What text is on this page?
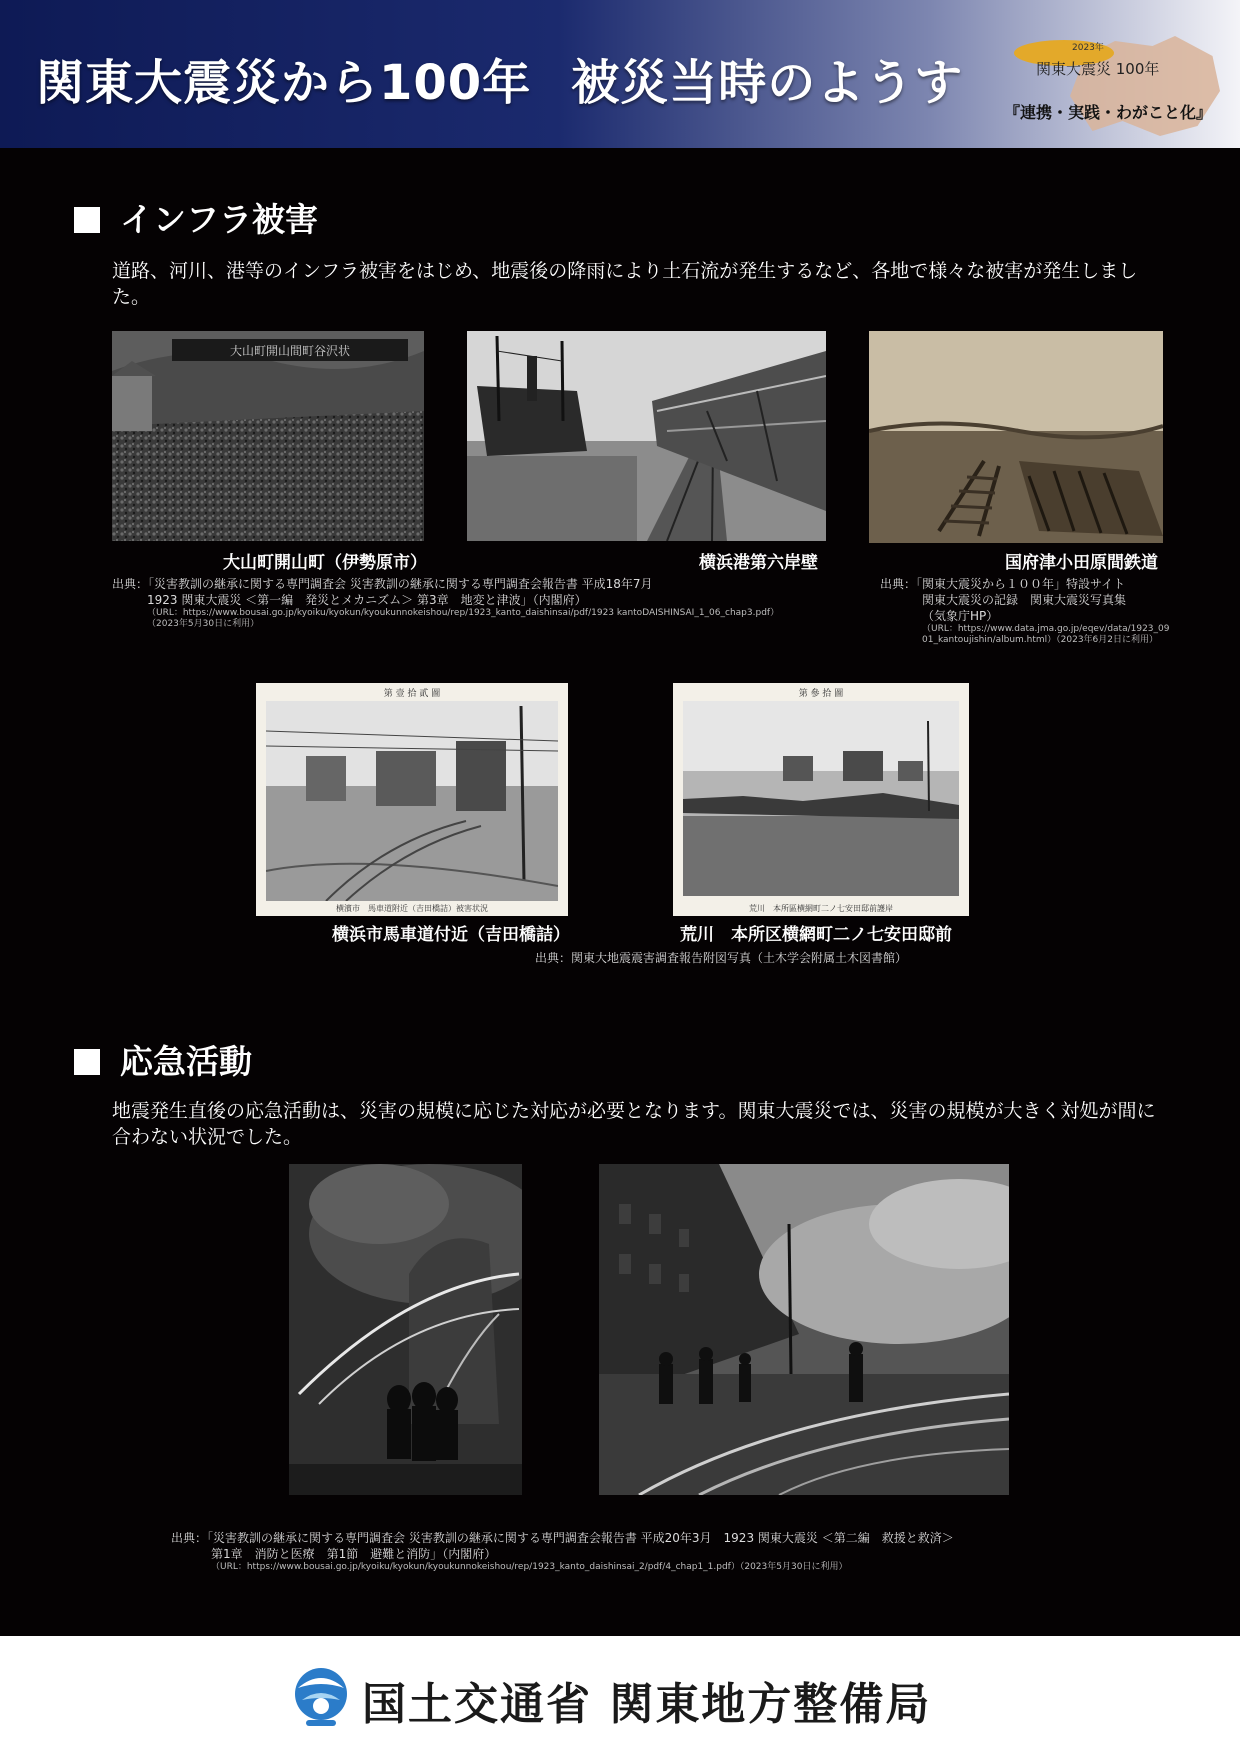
関東大震災から100年 被災当時のようす
2023年
関東大震災 100年
『連携・実践・わがこと化』
インフラ被害
道路、河川、港等のインフラ被害をはじめ、地震後の降雨により土石流が発生するなど、各地で様々な被害が発生しました。
大山町開山間町谷沢状
大山町開山町（伊勢原市）	横浜港第六岸壁	国府津小田原間鉄道
出典：「災害教訓の継承に関する専門調査会 災害教訓の継承に関する専門調査会報告書 平成18年7月
1923 関東大震災 ＜第一編　発災とメカニズム＞ 第3章　地変と津波」（内閣府）
（URL：https://www.bousai.go.jp/kyoiku/kyokun/kyoukunnokeishou/rep/1923_kanto_daishinsai/pdf/1923 kantoDAISHINSAI_1_06_chap3.pdf）
（2023年5月30日に利用）
出典：「関東大震災から１００年」特設サイト
関東大震災の記録　関東大震災写真集
（気象庁HP）
（URL：https://www.data.jma.go.jp/eqev/data/1923_09
01_kantoujishin/album.html）（2023年6月2日に利用）
第 壹 拾 貳 圖
横濱市　馬車道附近（吉田橋詰）被害状況
横浜市馬車道付近（吉田橋詰）
第 參 拾 圖
荒川　本所區横網町二ノ七安田邸前護岸
荒川　本所区横網町二ノ七安田邸前
出典：関東大地震震害調査報告附図写真（土木学会附属土木図書館）
応急活動
地震発生直後の応急活動は、災害の規模に応じた対応が必要となります。関東大震災では、災害の規模が大きく対処が間に合わない状況でした。
出典：「災害教訓の継承に関する専門調査会 災害教訓の継承に関する専門調査会報告書 平成20年3月　1923 関東大震災 ＜第二編　救援と救済＞
第1章　消防と医療　第1節　避難と消防」（内閣府）
（URL：https://www.bousai.go.jp/kyoiku/kyokun/kyoukunnokeishou/rep/1923_kanto_daishinsai_2/pdf/4_chap1_1.pdf）（2023年5月30日に利用）
国土交通省 関東地方整備局
